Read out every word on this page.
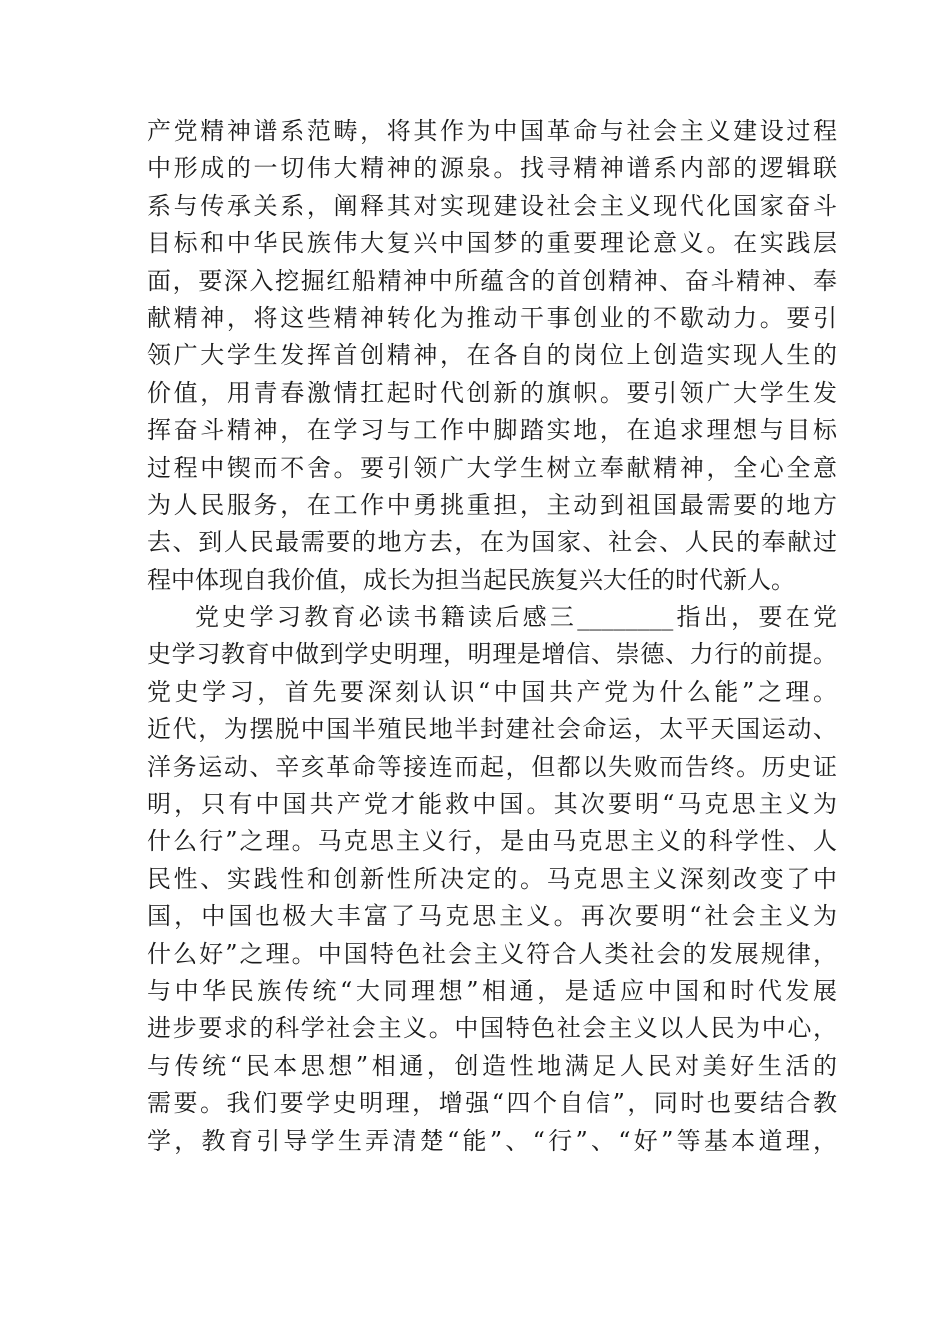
产党精神谱系范畴，将其作为中国革命与社会主义建设过程
中形成的一切伟大精神的源泉。找寻精神谱系内部的逻辑联
系与传承关系，阐释其对实现建设社会主义现代化国家奋斗
目标和中华民族伟大复兴中国梦的重要理论意义。在实践层
面，要深入挖掘红船精神中所蕴含的首创精神、奋斗精神、奉
献精神，将这些精神转化为推动干事创业的不歇动力。要引
领广大学生发挥首创精神，在各自的岗位上创造实现人生的
价值，用青春激情扛起时代创新的旗帜。要引领广大学生发
挥奋斗精神，在学习与工作中脚踏实地，在追求理想与目标
过程中锲而不舍。要引领广大学生树立奉献精神，全心全意
为人民服务，在工作中勇挑重担，主动到祖国最需要的地方
去、到人民最需要的地方去，在为国家、社会、人民的奉献过
程中体现自我价值，成长为担当起民族复兴大任的时代新人。
党史学习教育必读书籍读后感三________指出，要在党
史学习教育中做到学史明理，明理是增信、崇德、力行的前提。
党史学习，首先要深刻认识“中国共产党为什么能”之理。
近代，为摆脱中国半殖民地半封建社会命运，太平天国运动、
洋务运动、辛亥革命等接连而起，但都以失败而告终。历史证
明，只有中国共产党才能救中国。其次要明“马克思主义为
什么行”之理。马克思主义行，是由马克思主义的科学性、人
民性、实践性和创新性所决定的。马克思主义深刻改变了中
国，中国也极大丰富了马克思主义。再次要明“社会主义为
什么好”之理。中国特色社会主义符合人类社会的发展规律，
与中华民族传统“大同理想”相通，是适应中国和时代发展
进步要求的科学社会主义。中国特色社会主义以人民为中心，
与传统“民本思想”相通，创造性地满足人民对美好生活的
需要。我们要学史明理，增强“四个自信”，同时也要结合教
学，教育引导学生弄清楚“能”、“行”、“好”等基本道理，
